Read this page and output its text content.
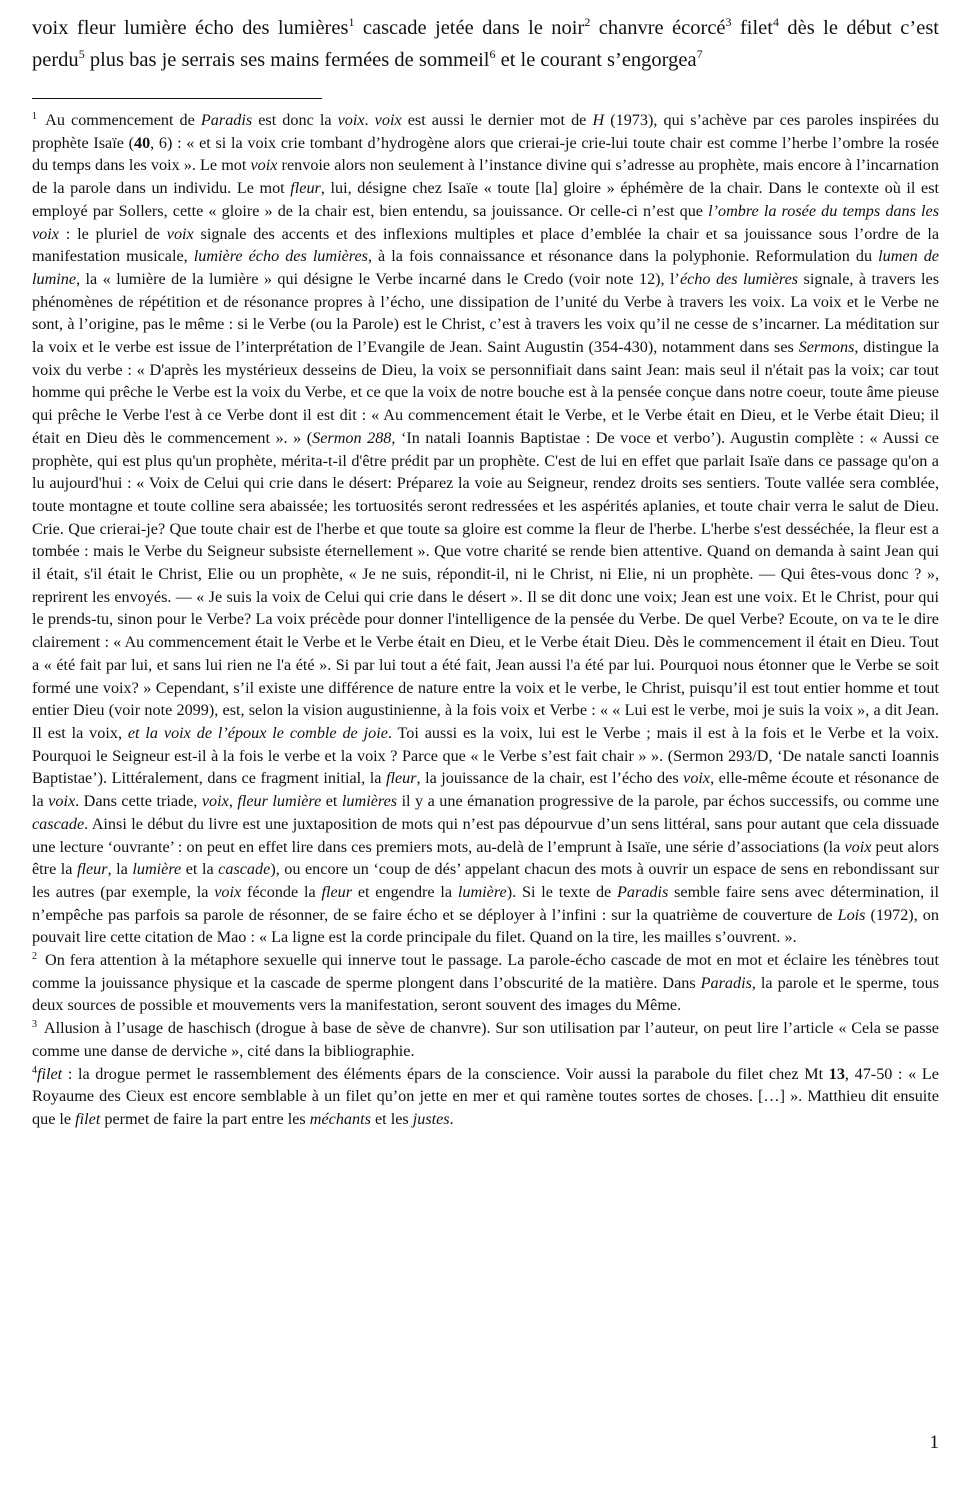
voix fleur lumière écho des lumières$^1$ cascade jetée dans le noir$^2$ chanvre écorcé$^3$ filet$^4$ dès le début c’est perdu$^5$ plus bas je serrais ses mains fermées de sommeil$^6$ et le courant s’engorgea$^7$

$^1$ Au commencement de Paradis est donc la voix. voix est aussi le dernier mot de H (1973), qui s’achève par ces paroles inspirées du prophète Isaïe (40, 6) : « et si la voix crie tombant d’hydrogène alors que crierai-je crie-lui toute chair est comme l’herbe l’ombre la rosée du temps dans les voix ». Le mot voix renvoie alors non seulement à l’instance divine qui s’adresse au prophète, mais encore à l’incarnation de la parole dans un individu. Le mot fleur, lui, désigne chez Isaïe « toute [la] gloire » éphémère de la chair. Dans le contexte où il est employé par Sollers, cette « gloire » de la chair est, bien entendu, sa jouissance. Or celle-ci n’est que l’ombre la rosée du temps dans les voix : le pluriel de voix signale des accents et des inflexions multiples et place d’emblée la chair et sa jouissance sous l’ordre de la manifestation musicale, lumière écho des lumières, à la fois connaissance et résonance dans la polyphonie. Reformulation du lumen de lumine, la « lumière de la lumière » qui désigne le Verbe incarné dans le Credo (voir note 12), l’écho des lumières signale, à travers les phénomènes de répétition et de résonance propres à l’écho, une dissipation de l’unité du Verbe à travers les voix. La voix et le Verbe ne sont, à l’origine, pas le même : si le Verbe (ou la Parole) est le Christ, c’est à travers les voix qu’il ne cesse de s’incarner. La méditation sur la voix et le verbe est issue de l’interprétation de l’Evangile de Jean. Saint Augustin (354-430), notamment dans ses Sermons, distingue la voix du verbe : « D'après les mystérieux desseins de Dieu, la voix se personnifiait dans saint Jean: mais seul il n'était pas la voix; car tout homme qui prêche le Verbe est la voix du Verbe, et ce que la voix de notre bouche est à la pensée conçue dans notre coeur, toute âme pieuse qui prêche le Verbe l'est à ce Verbe dont il est dit : « Au commencement était le Verbe, et le Verbe était en Dieu, et le Verbe était Dieu; il était en Dieu dès le commencement ». » (Sermon 288, ‘In natali Ioannis Baptistae : De voce et verbo’). Augustin complète : « Aussi ce prophète, qui est plus qu'un prophète, mérita-t-il d'être prédit par un prophète. C'est de lui en effet que parlait Isaïe dans ce passage qu'on a lu aujourd'hui : « Voix de Celui qui crie dans le désert: Préparez la voie au Seigneur, rendez droits ses sentiers. Toute vallée sera comblée, toute montagne et toute colline sera abaissée; les tortuosités seront redressées et les aspérités aplanies, et toute chair verra le salut de Dieu. Crie. Que crierai-je? Que toute chair est de l'herbe et que toute sa gloire est comme la fleur de l'herbe. L'herbe s'est desséchée, la fleur est a tombée : mais le Verbe du Seigneur subsiste éternellement ». Que votre charité se rende bien attentive. Quand on demanda à saint Jean qui il était, s'il était le Christ, Elie ou un prophète, « Je ne suis, répondit-il, ni le Christ, ni Elie, ni un prophète. — Qui êtes-vous donc ? », reprirent les envoyés. — « Je suis la voix de Celui qui crie dans le désert ». Il se dit donc une voix; Jean est une voix. Et le Christ, pour qui le prends-tu, sinon pour le Verbe? La voix précède pour donner l'intelligence de la pensée du Verbe. De quel Verbe? Ecoute, on va te le dire clairement : « Au commencement était le Verbe et le Verbe était en Dieu, et le Verbe était Dieu. Dès le commencement il était en Dieu. Tout a « été fait par lui, et sans lui rien ne l'a été ». Si par lui tout a été fait, Jean aussi l'a été par lui. Pourquoi nous étonner que le Verbe se soit formé une voix? » Cependant, s’il existe une différence de nature entre la voix et le verbe, le Christ, puisqu’il est tout entier homme et tout entier Dieu (voir note 2099), est, selon la vision augustinienne, à la fois voix et Verbe : « « Lui est le verbe, moi je suis la voix », a dit Jean. Il est la voix, et la voix de l’époux le comble de joie. Toi aussi es la voix, lui est le Verbe ; mais il est à la fois et le Verbe et la voix. Pourquoi le Seigneur est-il à la fois le verbe et la voix ? Parce que « le Verbe s’est fait chair » ». (Sermon 293/D, ‘De natale sancti Ioannis Baptistae’). Littéralement, dans ce fragment initial, la fleur, la jouissance de la chair, est l’écho des voix, elle-même écoute et résonance de la voix. Dans cette triade, voix, fleur lumière et lumières il y a une émanation progressive de la parole, par échos successifs, ou comme une cascade. Ainsi le début du livre est une juxtaposition de mots qui n’est pas dépourvue d’un sens littéral, sans pour autant que cela dissuade une lecture ‘ouvrante’ : on peut en effet lire dans ces premiers mots, au-delà de l’emprunt à Isaïe, une série d’associations (la voix peut alors être la fleur, la lumière et la cascade), ou encore un ‘coup de dés’ appelant chacun des mots à ouvrir un espace de sens en rebondissant sur les autres (par exemple, la voix féconde la fleur et engendre la lumière). Si le texte de Paradis semble faire sens avec détermination, il n’empêche pas parfois sa parole de résonner, de se faire écho et se déployer à l’infini : sur la quatrième de couverture de Lois (1972), on pouvait lire cette citation de Mao : « La ligne est la corde principale du filet. Quand on la tire, les mailles s’ouvrent. ».

$^2$ On fera attention à la métaphore sexuelle qui innerve tout le passage. La parole-écho cascade de mot en mot et éclaire les ténèbres tout comme la jouissance physique et la cascade de sperme plongent dans l’obscurité de la matière. Dans Paradis, la parole et le sperme, tous deux sources de possible et mouvements vers la manifestation, seront souvent des images du Même.

$^3$ Allusion à l’usage de haschisch (drogue à base de sève de chanvre). Sur son utilisation par l’auteur, on peut lire l’article « Cela se passe comme une danse de derviche », cité dans la bibliographie.

$^4$filet : la drogue permet le rassemblement des éléments épars de la conscience. Voir aussi la parabole du filet chez Mt 13, 47-50 : « Le Royaume des Cieux est encore semblable à un filet qu’on jette en mer et qui ramène toutes sortes de choses. […] ». Matthieu dit ensuite que le filet permet de faire la part entre les méchants et les justes.

1
